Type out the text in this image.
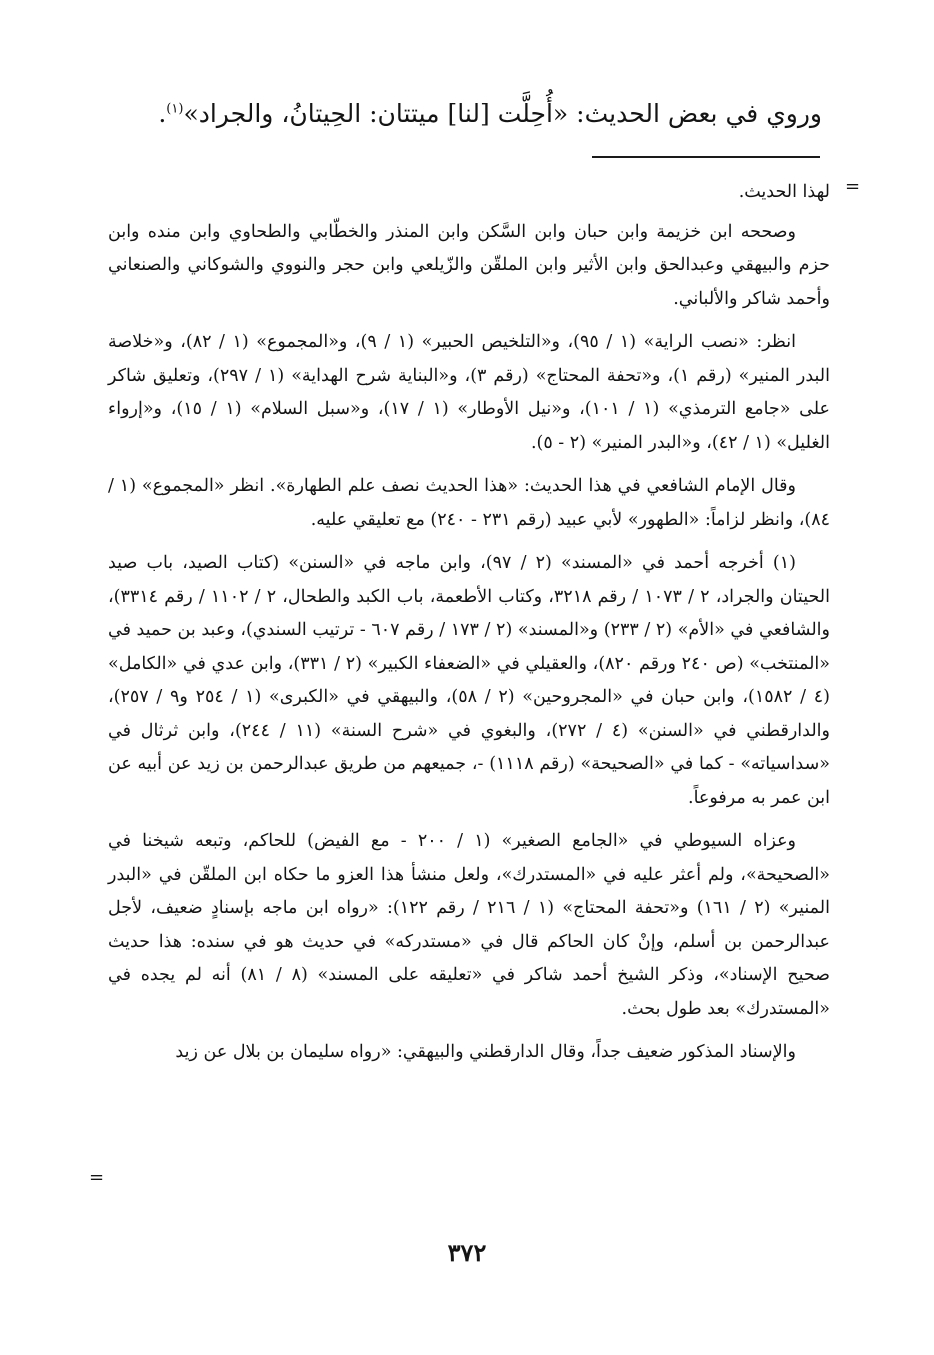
وروي في بعض الحديث: «أُحِلَّت [لنا] ميتتان: الحِيتانُ، والجراد»$^{(١)}$.

=

لهذا الحديث.

وصححه ابن خزيمة وابن حبان وابن السَّكن وابن المنذر والخطّابي والطحاوي وابن منده وابن حزم والبيهقي وعبدالحق وابن الأثير وابن الملقّن والزّيلعي وابن حجر والنووي والشوكاني والصنعاني وأحمد شاكر والألباني.

انظر: «نصب الراية» (١ / ٩٥)، و«التلخيص الحبير» (١ / ٩)، و«المجموع» (١ / ٨٢)، و«خلاصة البدر المنير» (رقم ١)، و«تحفة المحتاج» (رقم ٣)، و«البناية شرح الهداية» (١ / ٢٩٧)، وتعليق شاكر على «جامع الترمذي» (١ / ١٠١)، و«نيل الأوطار» (١ / ١٧)، و«سبل السلام» (١ / ١٥)، و«إرواء الغليل» (١ / ٤٢)، و«البدر المنير» (٢ - ٥).

وقال الإمام الشافعي في هذا الحديث: «هذا الحديث نصف علم الطهارة». انظر «المجموع» (١ / ٨٤)، وانظر لزاماً: «الطهور» لأبي عبيد (رقم ٢٣١ - ٢٤٠) مع تعليقي عليه.

(١) أخرجه أحمد في «المسند» (٢ / ٩٧)، وابن ماجه في «السنن» (كتاب الصيد، باب صيد الحيتان والجراد، ٢ / ١٠٧٣ / رقم ٣٢١٨، وكتاب الأطعمة، باب الكبد والطحال، ٢ / ١١٠٢ / رقم ٣٣١٤)، والشافعي في «الأم» (٢ / ٢٣٣) و«المسند» (٢ / ١٧٣ / رقم ٦٠٧ - ترتيب السندي)، وعبد بن حميد في «المنتخب» (ص ٢٤٠ ورقم ٨٢٠)، والعقيلي في «الضعفاء الكبير» (٢ / ٣٣١)، وابن عدي في «الكامل» (٤ / ١٥٨٢)، وابن حبان في «المجروحين» (٢ / ٥٨)، والبيهقي في «الكبرى» (١ / ٢٥٤ و٩ / ٢٥٧)، والدارقطني في «السنن» (٤ / ٢٧٢)، والبغوي في «شرح السنة» (١١ / ٢٤٤)، وابن ثرثال في «سداسياته» - كما في «الصحيحة» (رقم ١١١٨) -، جميعهم من طريق عبدالرحمن بن زيد عن أبيه عن ابن عمر به مرفوعاً.

وعزاه السيوطي في «الجامع الصغير» (١ / ٢٠٠ - مع الفيض) للحاكم، وتبعه شيخنا في «الصحيحة»، ولم أعثر عليه في «المستدرك»، ولعل منشأ هذا العزو ما حكاه ابن الملقّن في «البدر المنير» (٢ / ١٦١) و«تحفة المحتاج» (١ / ٢١٦ / رقم ١٢٢): «رواه ابن ماجه بإسنادٍ ضعيف، لأجل عبدالرحمن بن أسلم، وإنْ كان الحاكم قال في «مستدركه» في حديث هو في سنده: هذا حديث صحيح الإسناد»، وذكر الشيخ أحمد شاكر في «تعليقه على المسند» (٨ / ٨١) أنه لم يجده في «المستدرك» بعد طول بحث.

والإسناد المذكور ضعيف جداً، وقال الدارقطني والبيهقي: «رواه سليمان بن بلال عن زيد

=
٣٧٢
